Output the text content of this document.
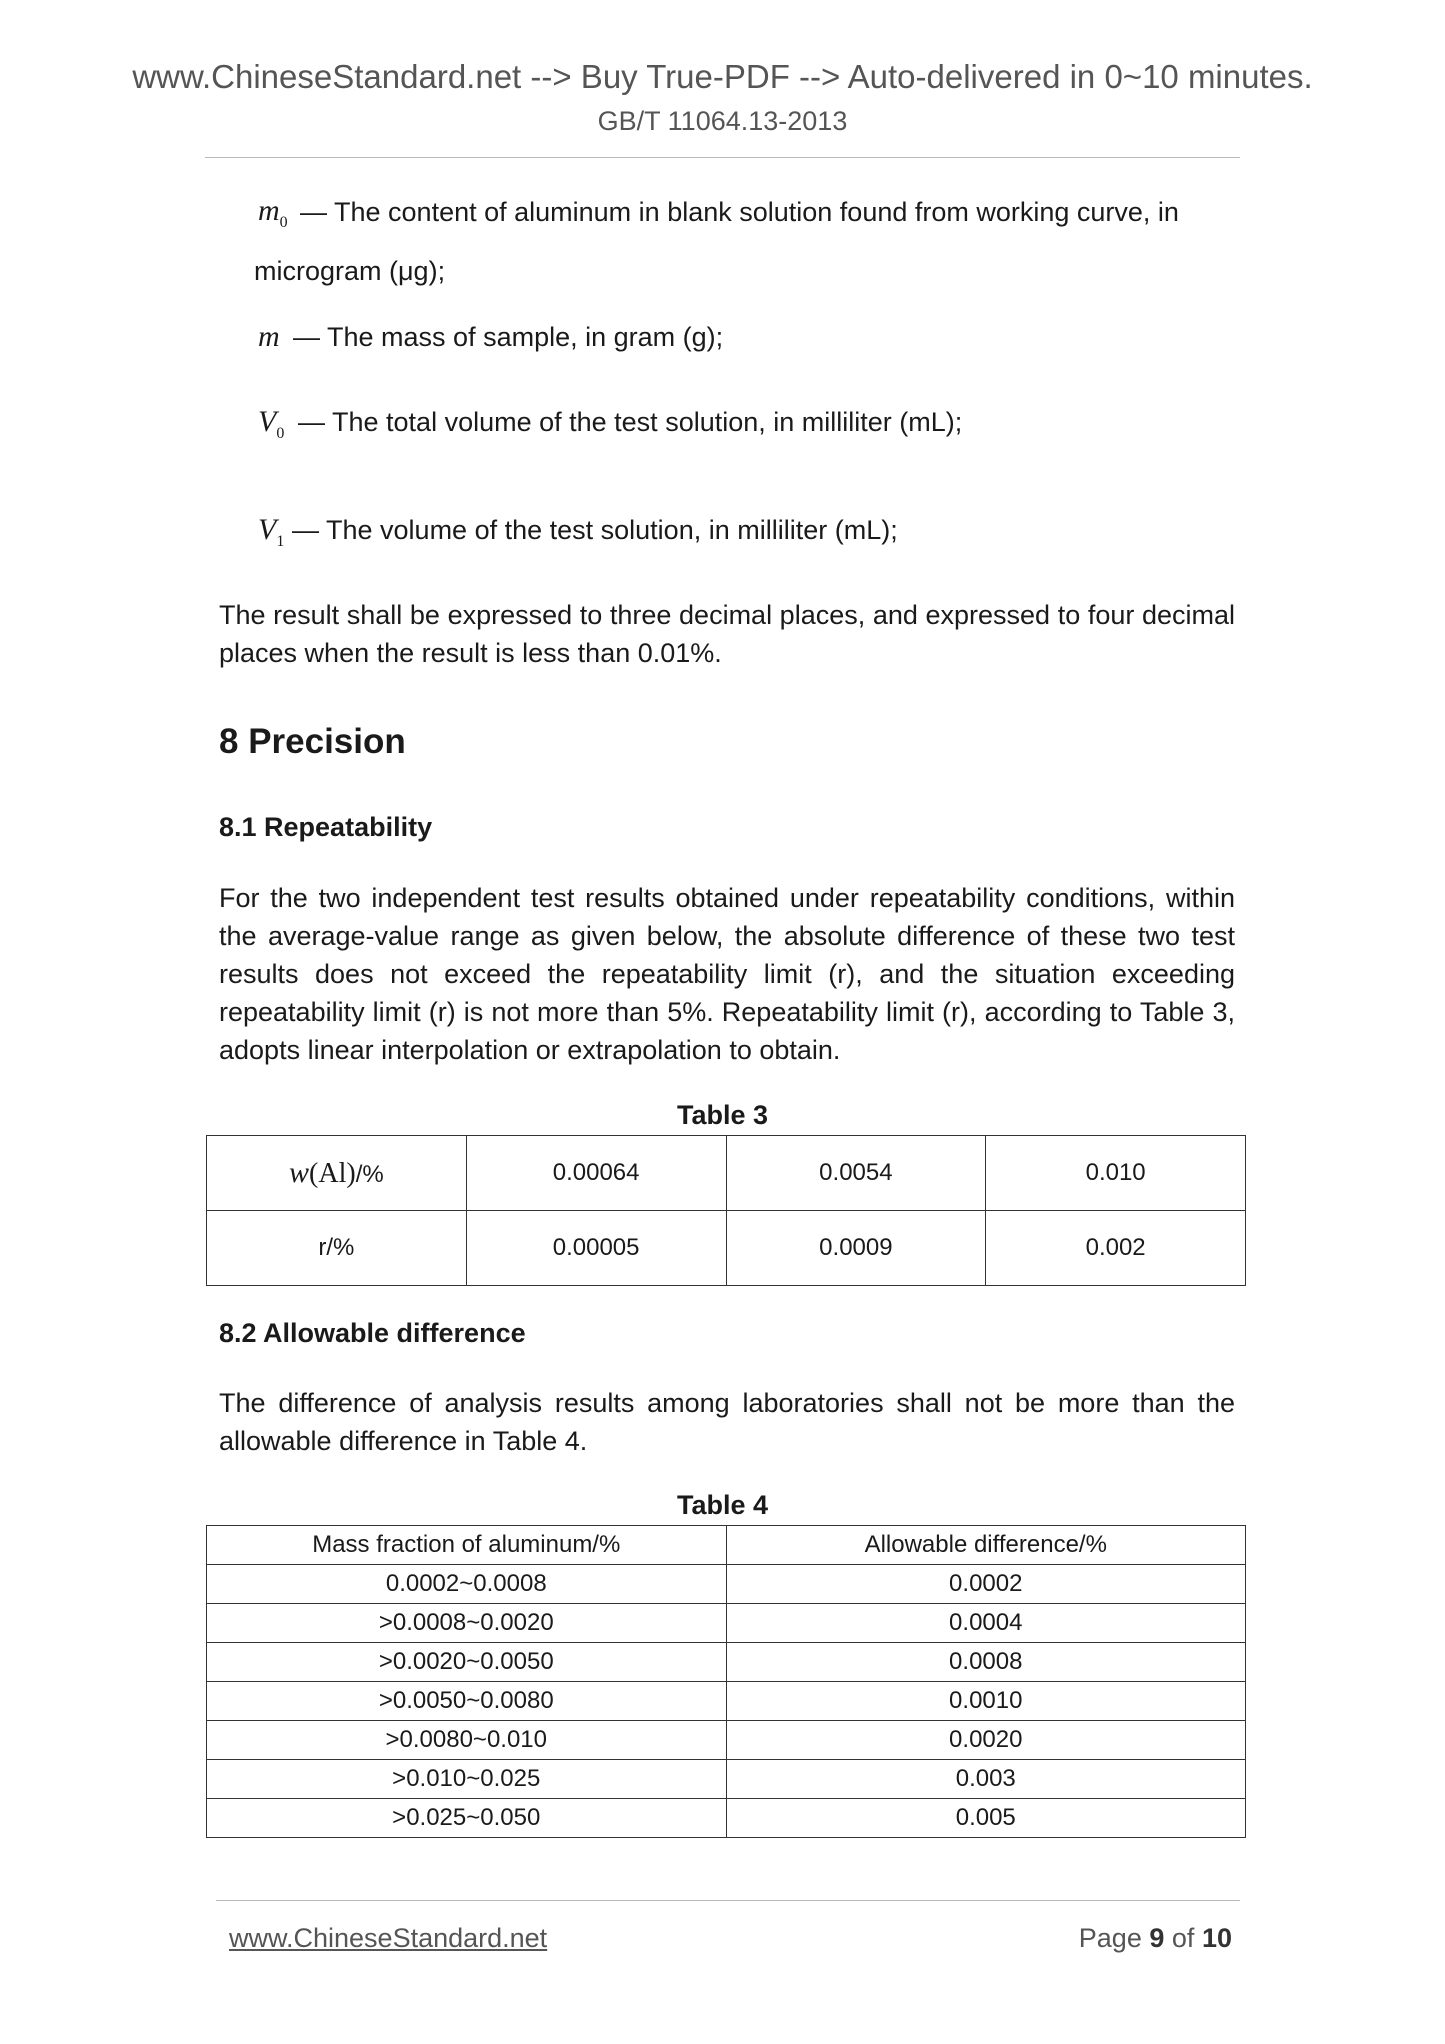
www.ChineseStandard.net --> Buy True-PDF --> Auto-delivered in 0~10 minutes.
GB/T 11064.13-2013
$m_0$ — The content of aluminum in blank solution found from working curve, in
microgram (μg);
m — The mass of sample, in gram (g);
$V_0$ — The total volume of the test solution, in milliliter (mL);
$V_1$ — The volume of the test solution, in milliliter (mL);
The result shall be expressed to three decimal places, and expressed to four decimal places when the result is less than 0.01%.
8 Precision
8.1 Repeatability
For the two independent test results obtained under repeatability conditions, within the average-value range as given below, the absolute difference of these two test results does not exceed the repeatability limit (r), and the situation exceeding repeatability limit (r) is not more than 5%. Repeatability limit (r), according to Table 3, adopts linear interpolation or extrapolation to obtain.
Table 3
w(Al)/%	0.00064	0.0054	0.010
r/%	0.00005	0.0009	0.002
8.2 Allowable difference
The difference of analysis results among laboratories shall not be more than the allowable difference in Table 4.
Table 4
Mass fraction of aluminum/%	Allowable difference/%
0.0002~0.0008	0.0002
>0.0008~0.0020	0.0004
>0.0020~0.0050	0.0008
>0.0050~0.0080	0.0010
>0.0080~0.010	0.0020
>0.010~0.025	0.003
>0.025~0.050	0.005
www.ChineseStandard.net	Page 9 of 10
